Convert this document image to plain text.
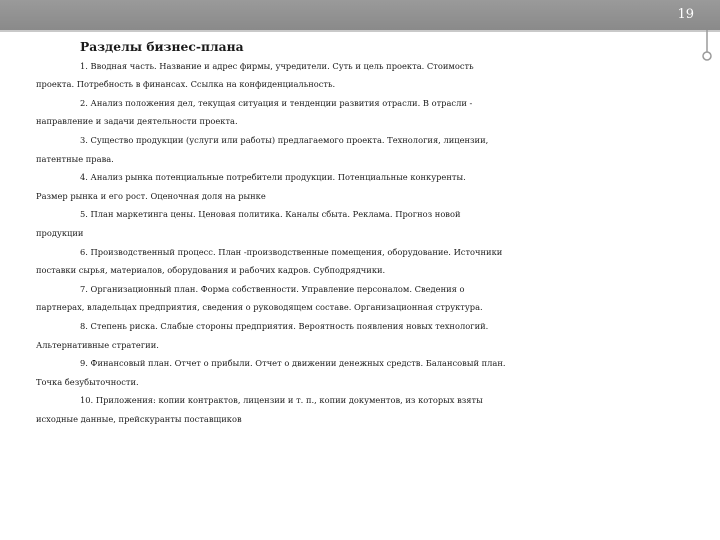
19

Разделы бизнес-плана

1. Вводная часть. Название и адрес фирмы, учредители. Суть и цель проекта. Стоимость
проекта. Потребность в финансах. Ссылка на конфиденциальность.

2. Анализ положения дел, текущая ситуация и тенденции развития отрасли. В отрасли -
направление и задачи деятельности проекта.

3. Существо продукции (услуги или работы) предлагаемого проекта. Технология, лицензии,
патентные права.

4. Анализ рынка потенциальные потребители продукции. Потенциальные конкуренты.
Размер рынка и его рост. Оценочная доля на рынке

5. План маркетинга цены. Ценовая политика. Каналы сбыта. Реклама. Прогноз новой
продукции

6. Производственный процесс. План -производственные помещения, оборудование. Источники
поставки сырья, материалов, оборудования и рабочих кадров. Субподрядчики.

7. Организационный план. Форма собственности. Управление персоналом. Сведения о
партнерах, владельцах предприятия, сведения о руководящем составе. Организационная структура.

8. Степень риска. Слабые стороны предприятия. Вероятность появления новых технологий.
Альтернативные стратегии.

9. Финансовый план. Отчет о прибыли. Отчет о движении денежных средств. Балансовый план.
Точка безубыточности.

10. Приложения: копии контрактов, лицензии и т. п., копии документов, из которых взяты
исходные данные, прейскуранты поставщиков
